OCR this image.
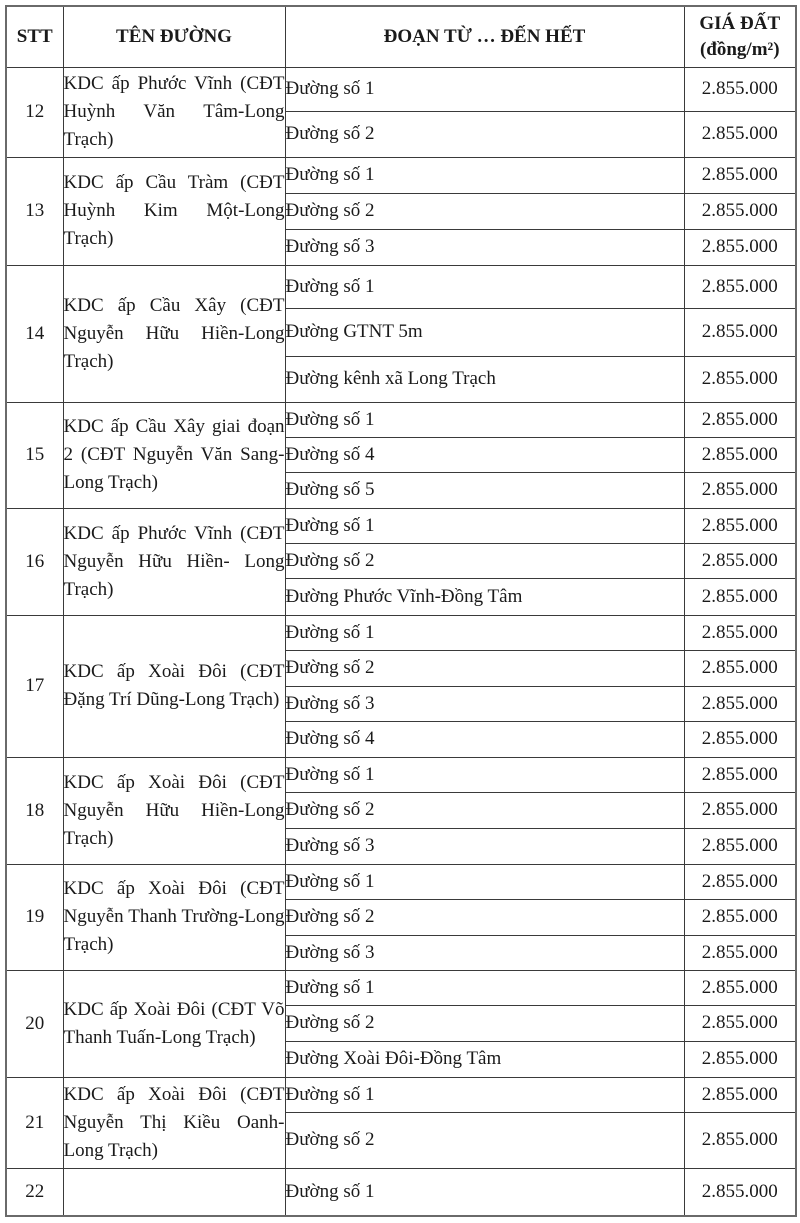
STT	TÊN ĐƯỜNG	ĐOẠN TỪ … ĐẾN HẾT	GIÁ ĐẤT
(đồng/m²)

12	KDC ấp Phước Vĩnh (CĐT Huỳnh Văn Tâm-Long Trạch)	Đường số 1	2.855.000
		Đường số 2	2.855.000
13	KDC ấp Cầu Tràm (CĐT Huỳnh Kim Một-Long Trạch)	Đường số 1	2.855.000
		Đường số 2	2.855.000
		Đường số 3	2.855.000
14	KDC ấp Cầu Xây (CĐT Nguyễn Hữu Hiền-Long Trạch)	Đường số 1	2.855.000
		Đường GTNT 5m	2.855.000
		Đường kênh xã Long Trạch	2.855.000
15	KDC ấp Cầu Xây giai đoạn 2 (CĐT Nguyễn Văn Sang-Long Trạch)	Đường số 1	2.855.000
		Đường số 4	2.855.000
		Đường số 5	2.855.000
16	KDC ấp Phước Vĩnh (CĐT Nguyễn Hữu Hiền- Long Trạch)	Đường số 1	2.855.000
		Đường số 2	2.855.000
		Đường Phước Vĩnh-Đồng Tâm	2.855.000
17	KDC ấp Xoài Đôi (CĐT Đặng Trí Dũng-Long Trạch)	Đường số 1	2.855.000
		Đường số 2	2.855.000
		Đường số 3	2.855.000
		Đường số 4	2.855.000
18	KDC ấp Xoài Đôi (CĐT Nguyễn Hữu Hiền-Long Trạch)	Đường số 1	2.855.000
		Đường số 2	2.855.000
		Đường số 3	2.855.000
19	KDC ấp Xoài Đôi (CĐT Nguyễn Thanh Trường-Long Trạch)	Đường số 1	2.855.000
		Đường số 2	2.855.000
		Đường số 3	2.855.000
20	KDC ấp Xoài Đôi (CĐT Võ Thanh Tuấn-Long Trạch)	Đường số 1	2.855.000
		Đường số 2	2.855.000
		Đường Xoài Đôi-Đồng Tâm	2.855.000
21	KDC ấp Xoài Đôi (CĐT Nguyễn Thị Kiều Oanh-Long Trạch)	Đường số 1	2.855.000
		Đường số 2	2.855.000
22		Đường số 1	2.855.000
